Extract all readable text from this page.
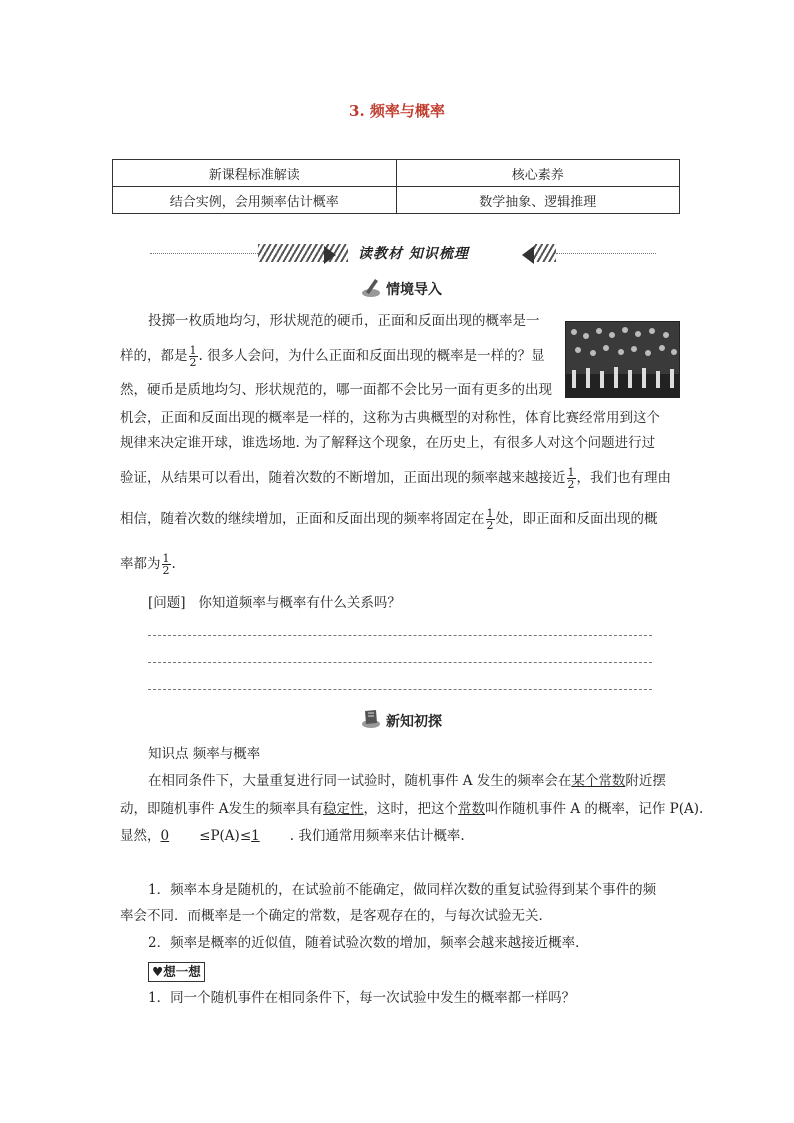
3. 频率与概率
新课程标准解读	核心素养
结合实例，会用频率估计概率	数学抽象、逻辑推理
读教材 知识梳理
情境导入
投掷一枚质地均匀，形状规范的硬币，正面和反面出现的概率是一
样的，都是 $\frac{1}{2}$ . 很多人会问，为什么正面和反面出现的概率是一样的？显
然，硬币是质地均匀、形状规范的，哪一面都不会比另一面有更多的出现
机会，正面和反面出现的概率是一样的，这称为古典概型的对称性，体育比赛经常用到这个
规律来决定谁开球，谁选场地. 为了解释这个现象，在历史上，有很多人对这个问题进行过
验证，从结果可以看出，随着次数的不断增加，正面出现的频率越来越接近 $\frac{1}{2}$ ，我们也有理由
相信，随着次数的继续增加，正面和反面出现的频率将固定在 $\frac{1}{2}$ 处，即正面和反面出现的概
率都为 $\frac{1}{2}$ .
[问题] 你知道频率与概率有什么关系吗？
新知初探
知识点 频率与概率
在相同条件下，大量重复进行同一试验时，随机事件 A 发生的频率会在某个常数附近摆
动，即随机事件 A发生的频率具有稳定性，这时，把这个常数叫作随机事件 A 的概率，记作 P(A).
显然，0 ≤P(A)≤1 . 我们通常用频率来估计概率.
1．频率本身是随机的，在试验前不能确定，做同样次数的重复试验得到某个事件的频
率会不同．而概率是一个确定的常数，是客观存在的，与每次试验无关．
2．频率是概率的近似值，随着试验次数的增加，频率会越来越接近概率．
♥想一想
1．同一个随机事件在相同条件下，每一次试验中发生的概率都一样吗？
